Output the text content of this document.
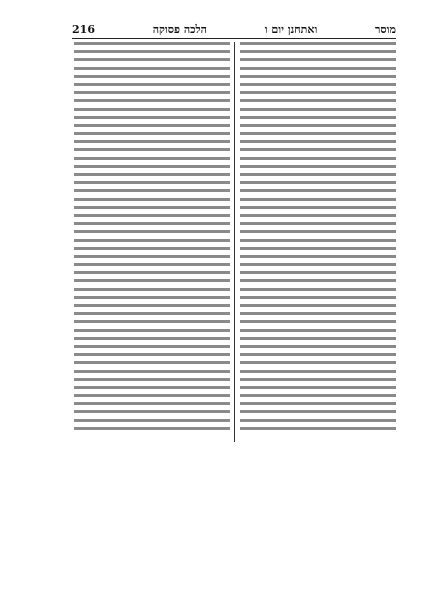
מוסר
ואתחנן יום ו
הלכה פסוקה
216
